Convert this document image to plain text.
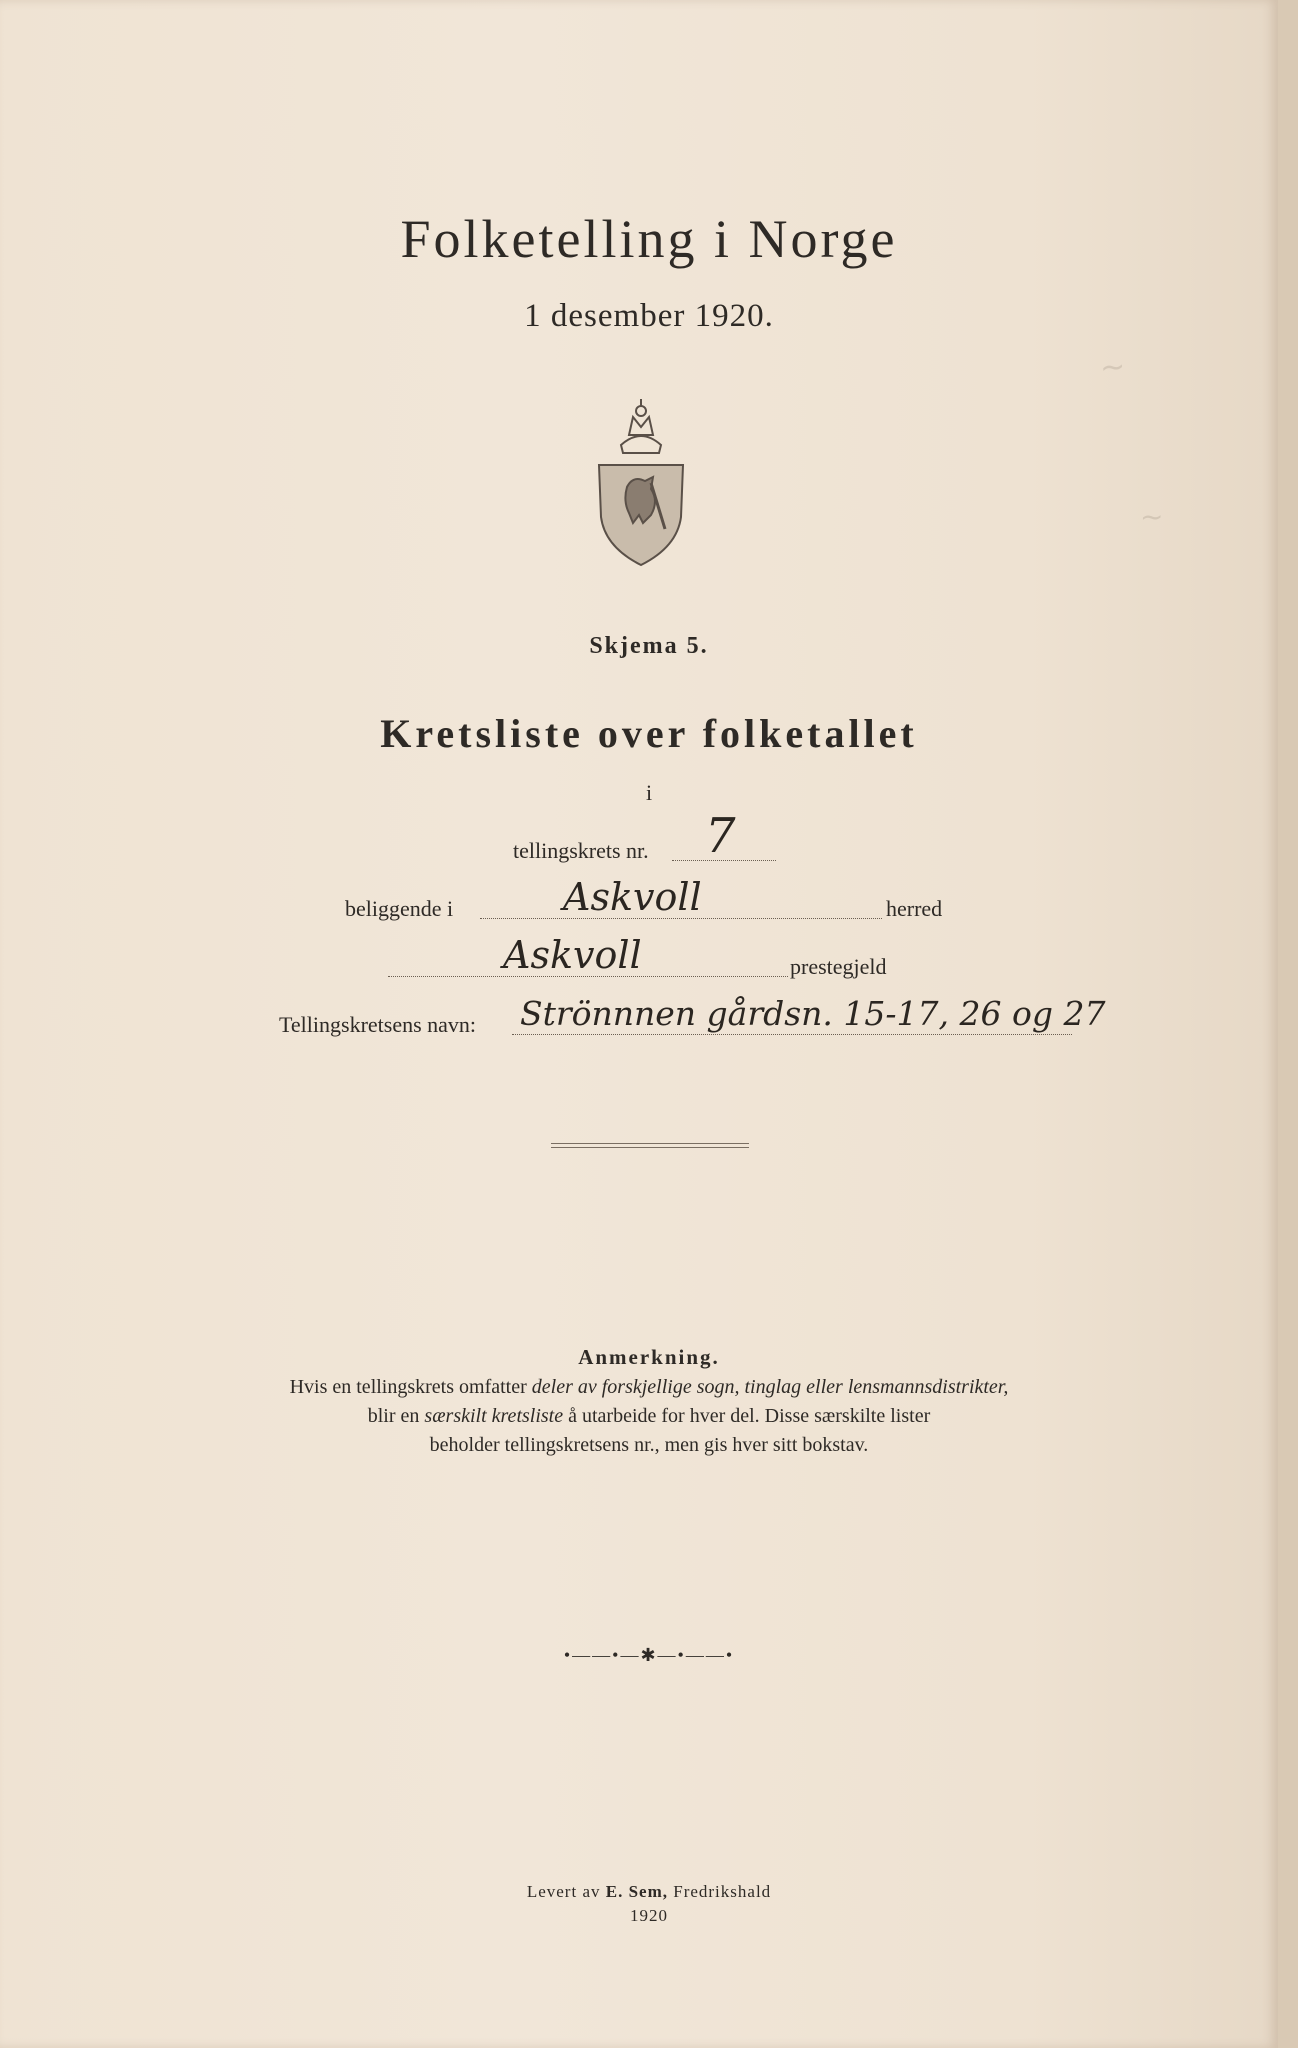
~
~
Folketelling i Norge
1 desember 1920.
Skjema 5.
Kretsliste over folketallet
i
tellingskrets nr. 7
beliggende i	Askvoll	herred
Askvoll	prestegjeld
Tellingskretsens navn: Strönnnen gårdsn. 15-17, 26 og 27
Anmerkning.
Hvis en tellingskrets omfatter deler av forskjellige sogn, tinglag eller lensmannsdistrikter,
blir en særskilt kretsliste å utarbeide for hver del. Disse særskilte lister
beholder tellingskretsens nr., men gis hver sitt bokstav.
•——•—✱—•——•
Levert av E. Sem, Fredrikshald
1920
